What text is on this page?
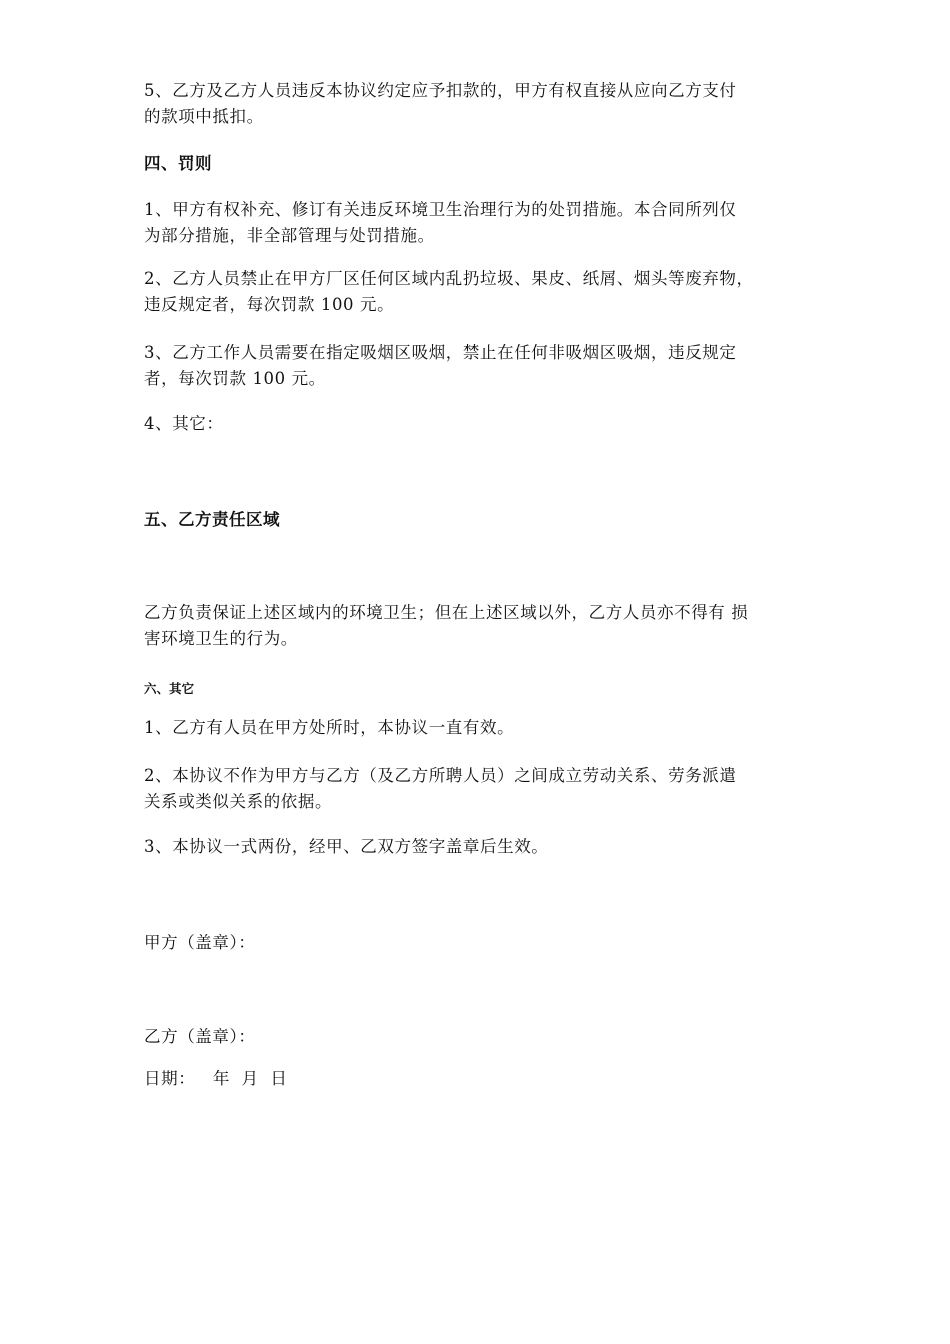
5、乙方及乙方人员违反本协议约定应予扣款的，甲方有权直接从应向乙方支付
的款项中抵扣。

四、罚则

1、甲方有权补充、修订有关违反环境卫生治理行为的处罚措施。本合同所列仅
为部分措施，非全部管理与处罚措施。

2、乙方人员禁止在甲方厂区任何区域内乱扔垃圾、果皮、纸屑、烟头等废弃物，
违反规定者，每次罚款 100 元。

3、乙方工作人员需要在指定吸烟区吸烟，禁止在任何非吸烟区吸烟，违反规定
者，每次罚款 100 元。

4、其它：

五、乙方责任区域

乙方负责保证上述区域内的环境卫生；但在上述区域以外，乙方人员亦不得有 损
害环境卫生的行为。

六、其它

1、乙方有人员在甲方处所时，本协议一直有效。

2、本协议不作为甲方与乙方（及乙方所聘人员）之间成立劳动关系、劳务派遣
关系或类似关系的依据。

3、本协议一式两份，经甲、乙双方签字盖章后生效。

甲方（盖章）：

乙方（盖章）：

日期：   年  月  日
